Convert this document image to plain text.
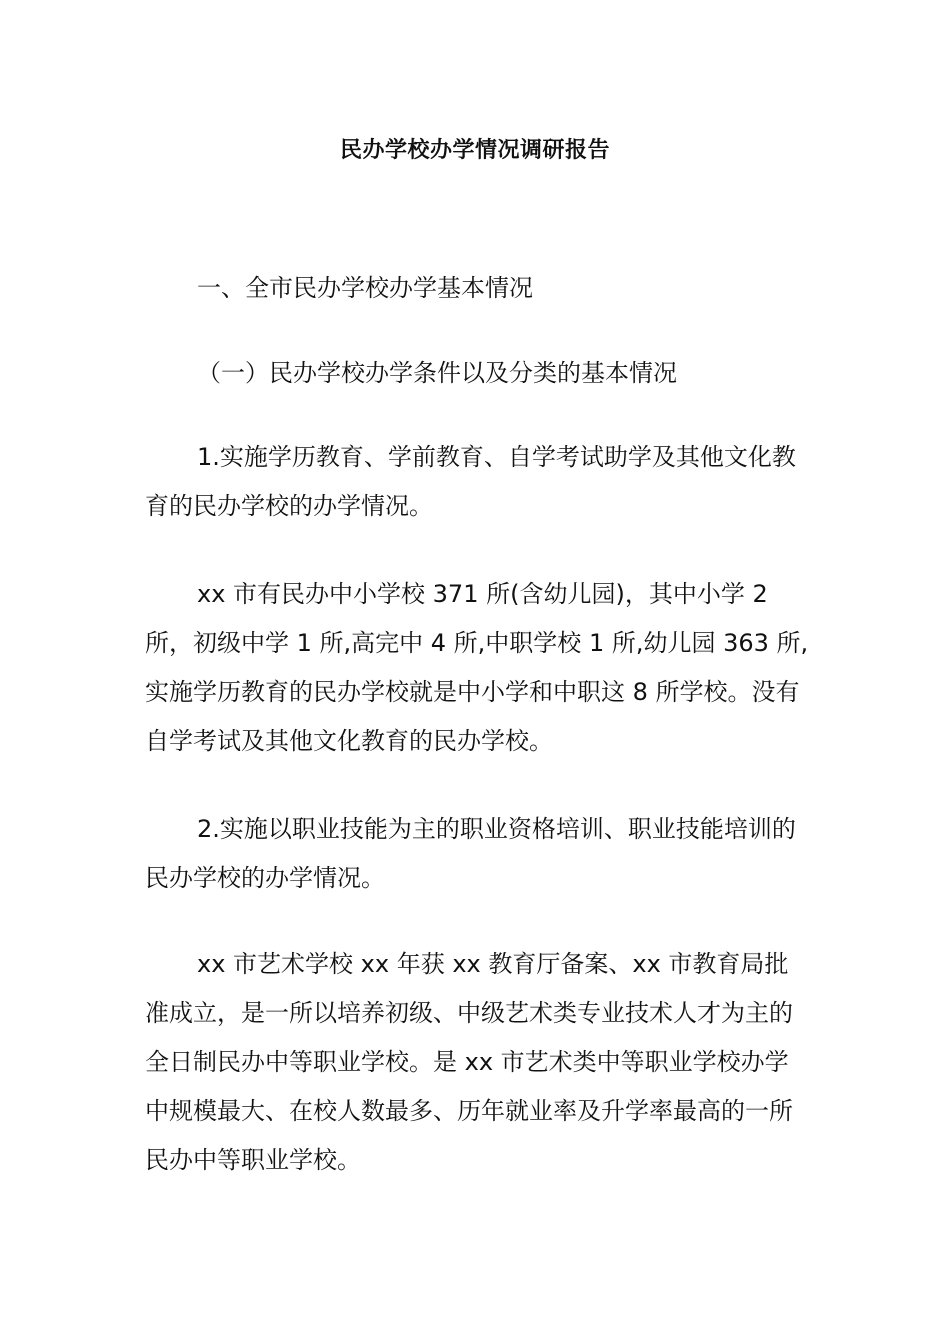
民办学校办学情况调研报告

一、全市民办学校办学基本情况

（一）民办学校办学条件以及分类的基本情况

1.实施学历教育、学前教育、自学考试助学及其他文化教育的民办学校的办学情况。

xx 市有民办中小学校 371 所(含幼儿园)，其中小学 2 所，初级中学 1 所,高完中 4 所,中职学校 1 所,幼儿园 363 所,实施学历教育的民办学校就是中小学和中职这 8 所学校。没有自学考试及其他文化教育的民办学校。

2.实施以职业技能为主的职业资格培训、职业技能培训的民办学校的办学情况。

xx 市艺术学校 xx 年获 xx 教育厅备案、xx 市教育局批准成立，是一所以培养初级、中级艺术类专业技术人才为主的全日制民办中等职业学校。是 xx 市艺术类中等职业学校办学中规模最大、在校人数最多、历年就业率及升学率最高的一所民办中等职业学校。
